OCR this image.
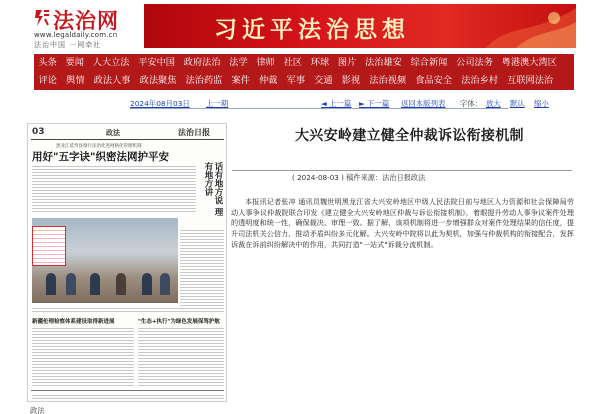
法治网
www.legaldaily.com.cn
法治中国 一网牵社
习近平法治思想
头条 要闻 人大立法 平安中国 政府法治 法学 律师 社区 环球 图片 法治雄安 综合新闻 公司法务 粤港澳大湾区
评论 舆情 政法人事 政法聚焦 法治药监 案件 仲裁 军事 交通 影视 法治视频 食品安全 法治乡村 互联网法治
2024年08月03日 上一期	◄ 上一篇 ► 下一篇 返回本版列表 字体： 放大 默认 缩小
03	政法	法治日报
黑龙江延寿县推行法治化进网格化管理机制
用好"五字诀"织密法网护平安
话有地方说 理有地方讲
新疆伦理检察体系建设取得新进展	"生态+执行"为绿色发展保驾护航
大兴安岭建立健全仲裁诉讼衔接机制
( 2024-08-03 ) 稿件来源：法治日报政法
本报讯记者张冲 通讯员魏世明黑龙江省大兴安岭地区中级人民法院日前与地区人力资源和社会保障局劳动人事争议仲裁院联合印发《建立健全大兴安岭地区仲裁与诉讼衔接机制》，着眼提升劳动人事争议案件处理的透明度和统一性，确保裁决、审理一致。据了解，该项机制将进一步增强群众对案件处理结果的信任度，提升司法机关公信力，推动矛盾纠纷多元化解。大兴安岭中院将以此为契机，加强与仲裁机构的衔接配合，发挥诉裁在诉前纠纷解决中的作用，共同打造"一站式"诉裁分流机制。
政法
